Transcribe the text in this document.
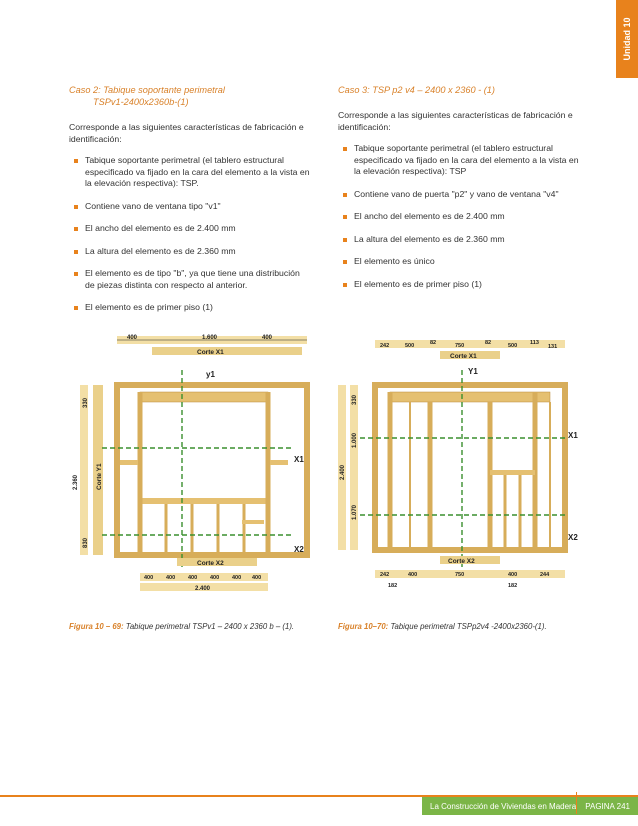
Unidad 10

Caso 2: Tabique soportante perimetral
TSPv1-2400x2360b-(1)

Corresponde a las siguientes características de fabricación e identificación:

Tabique soportante perimetral (el tablero estructural especificado va fijado en la cara del elemento a la vista en la elevación respectiva): TSP.
Contiene vano de ventana tipo "v1"
El ancho del elemento es de 2.400 mm
La altura del elemento es de 2.360 mm
El elemento es de tipo "b", ya que tiene una distribución de piezas distinta con respecto al anterior.
El elemento es de primer piso (1)

Caso 3: TSP p2 v4 – 2400 x 2360 - (1)

Corresponde a las siguientes características de fabricación e identificación:

Tabique soportante perimetral (el tablero estructural especificado va fijado en la cara del elemento a la vista en la elevación respectiva): TSP
Contiene vano de puerta "p2" y vano de ventana "v4"
El ancho del elemento es de 2.400 mm
La altura del elemento es de 2.360 mm
El elemento es único
El elemento es de primer piso (1)
400	1.600	400
Corte X1
2.360
330
830
Corte Y1
y1
X1
X2
Corte X2
400 400 400 400 400 400
2.400
242	500	82	750	82	500 113
131
Corte X1
2.400
330
1.000
1.070
Y1
X1
X2
Corte X2
242	400	750	400	244
182	182
Figura 10 – 69: Tabique perimetral TSPv1 – 2400 x 2360 b – (1).	Figura 10–70: Tabique perimetral TSPp2v4 -2400x2360-(1).
La Construcción de Viviendas en Madera	PAGINA 241
